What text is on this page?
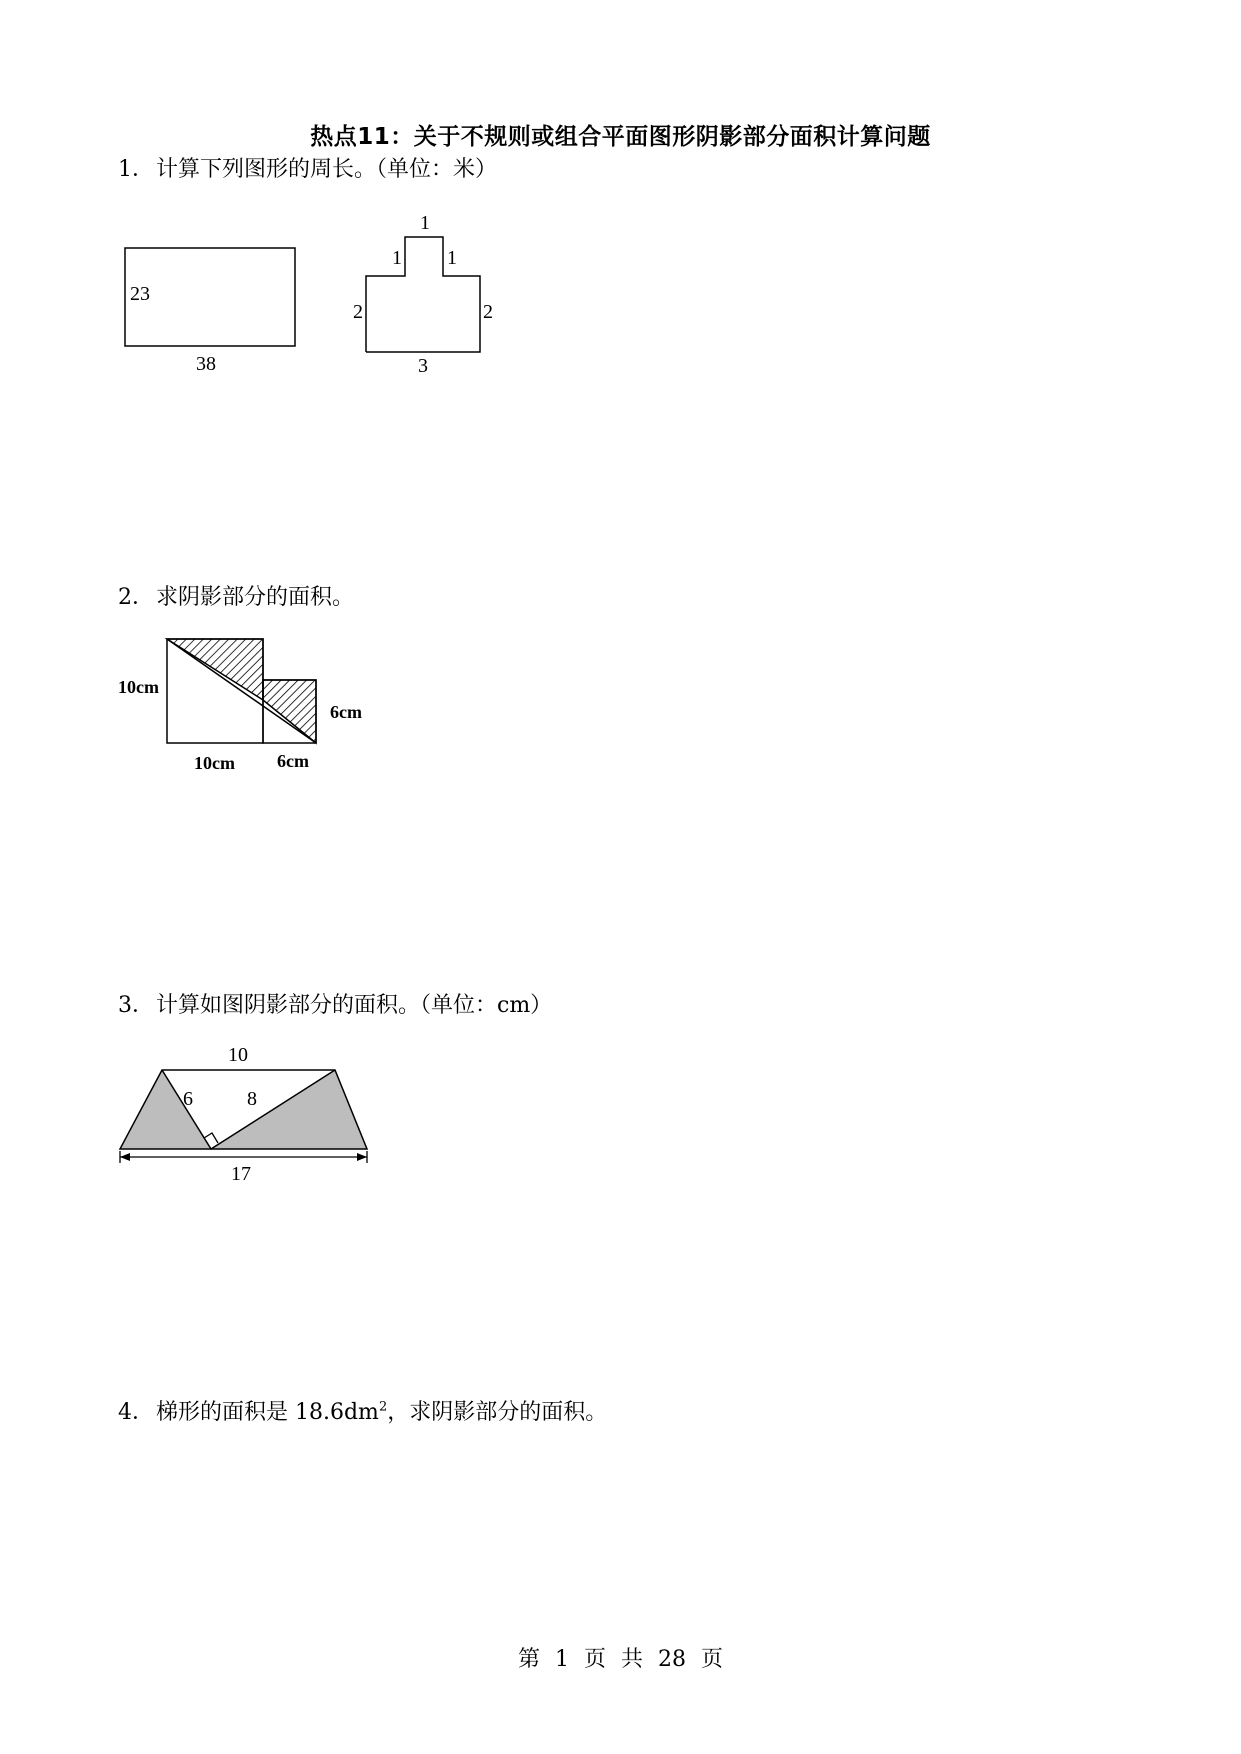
热点11：关于不规则或组合平面图形阴影部分面积计算问题
1．计算下列图形的周长。（单位：米）
23
38
1
1 1
2	2
3
2．求阴影部分的面积。
10cm
6cm
10cm 6cm
3．计算如图阴影部分的面积。（单位：cm）
10
6	8
17
4．梯形的面积是 $18.6dm^2$，求阴影部分的面积。
第 1 页 共 28 页
